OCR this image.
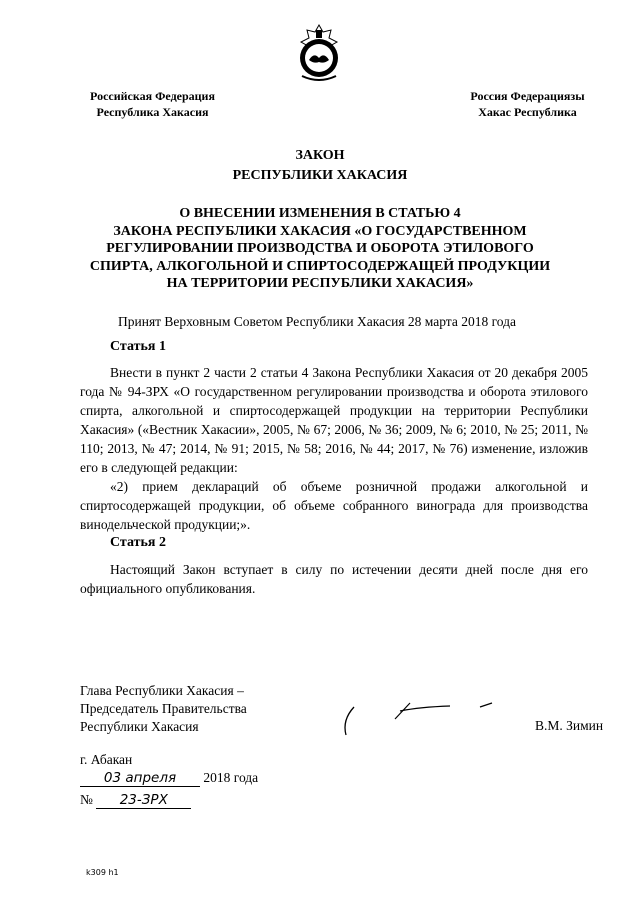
Российская Федерация
Республика Хакасия
Россия Федерациязы
Хакас Республика
ЗАКОН
РЕСПУБЛИКИ ХАКАСИЯ
О ВНЕСЕНИИ ИЗМЕНЕНИЯ В СТАТЬЮ 4
ЗАКОНА РЕСПУБЛИКИ ХАКАСИЯ «О ГОСУДАРСТВЕННОМ
РЕГУЛИРОВАНИИ ПРОИЗВОДСТВА И ОБОРОТА ЭТИЛОВОГО
СПИРТА, АЛКОГОЛЬНОЙ И СПИРТОСОДЕРЖАЩЕЙ ПРОДУКЦИИ
НА ТЕРРИТОРИИ РЕСПУБЛИКИ ХАКАСИЯ»
Принят Верховным Советом Республики Хакасия 28 марта 2018 года
Статья 1
Внести в пункт 2 части 2 статьи 4 Закона Республики Хакасия от 20 декабря 2005 года № 94-ЗРХ «О государственном регулировании производства и оборота этилового спирта, алкогольной и спиртосодержащей продукции на территории Республики Хакасия» («Вестник Хакасии», 2005, № 67; 2006, № 36; 2009, № 6; 2010, № 25; 2011, № 110; 2013, № 47; 2014, № 91; 2015, № 58; 2016, № 44; 2017, № 76) изменение, изложив его в следующей редакции:
«2) прием деклараций об объеме розничной продажи алкогольной и спиртосодержащей продукции, об объеме собранного винограда для производства винодельческой продукции;».
Статья 2
Настоящий Закон вступает в силу по истечении десяти дней после дня его официального опубликования.
Глава Республики Хакасия –
Председатель Правительства
Республики Хакасия	В.М. Зимин
г. Абакан
03 апреля 2018 года
№ 23-ЗРХ
k309 h1
